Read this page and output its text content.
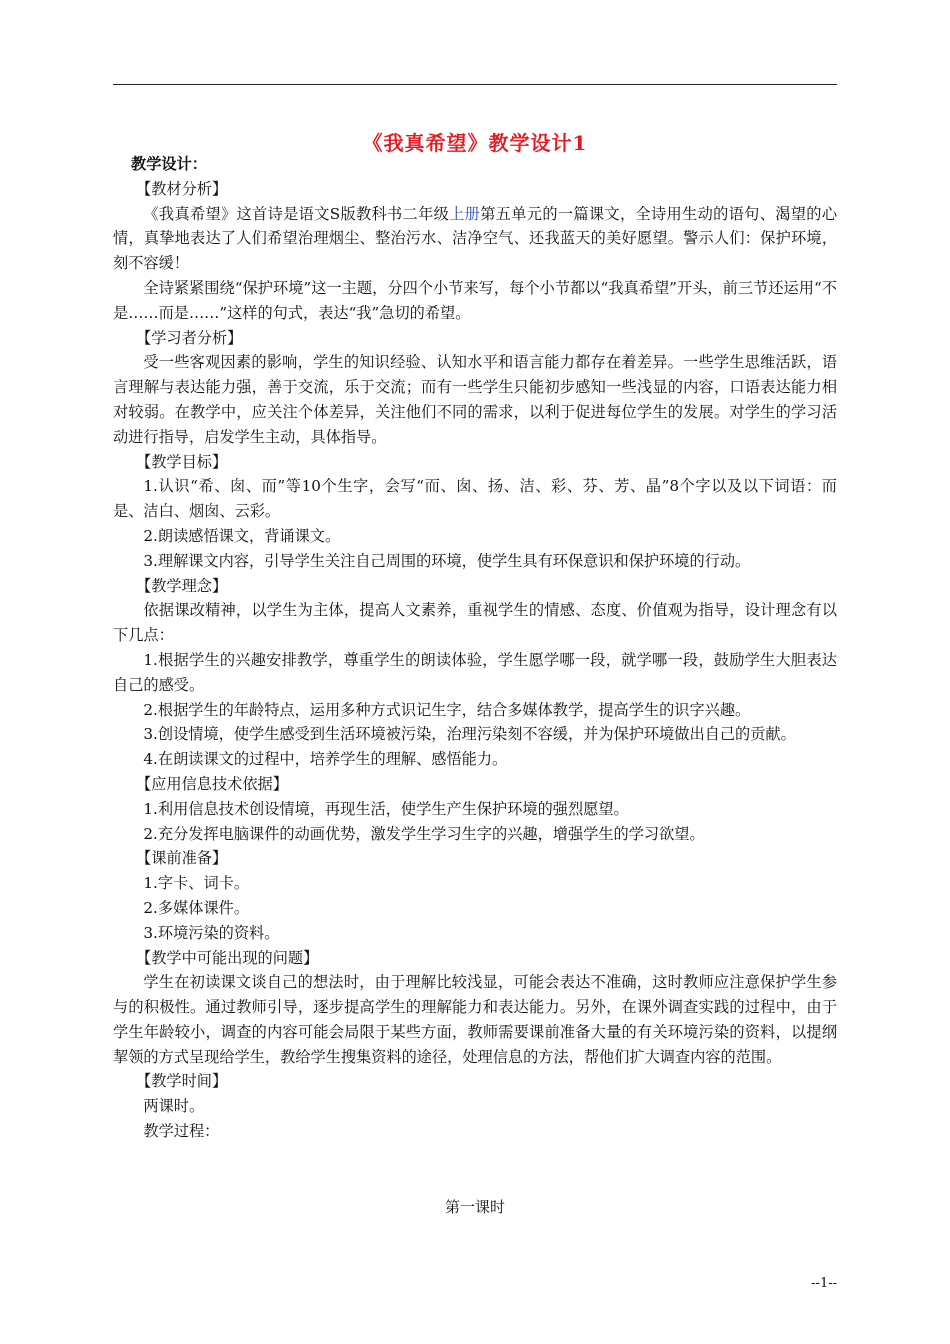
《我真希望》教学设计1

教学设计：

【教材分析】

《我真希望》这首诗是语文S版教科书二年级上册第五单元的一篇课文，全诗用生动的语句、渴望的心情，真挚地表达了人们希望治理烟尘、整治污水、洁净空气、还我蓝天的美好愿望。警示人们：保护环境，刻不容缓！

全诗紧紧围绕“保护环境”这一主题，分四个小节来写，每个小节都以“我真希望”开头，前三节还运用“不是……而是……”这样的句式，表达“我”急切的希望。

【学习者分析】

受一些客观因素的影响，学生的知识经验、认知水平和语言能力都存在着差异。一些学生思维活跃，语言理解与表达能力强，善于交流，乐于交流；而有一些学生只能初步感知一些浅显的内容，口语表达能力相对较弱。在教学中，应关注个体差异，关注他们不同的需求，以利于促进每位学生的发展。对学生的学习活动进行指导，启发学生主动，具体指导。

【教学目标】

1.认识“希、囱、而”等10个生字，会写“而、囱、扬、洁、彩、芬、芳、晶”8个字以及以下词语：而是、洁白、烟囱、云彩。

2.朗读感悟课文，背诵课文。

3.理解课文内容，引导学生关注自己周围的环境，使学生具有环保意识和保护环境的行动。

【教学理念】

依据课改精神，以学生为主体，提高人文素养，重视学生的情感、态度、价值观为指导，设计理念有以下几点：

1.根据学生的兴趣安排教学，尊重学生的朗读体验，学生愿学哪一段，就学哪一段，鼓励学生大胆表达自己的感受。

2.根据学生的年龄特点，运用多种方式识记生字，结合多媒体教学，提高学生的识字兴趣。

3.创设情境，使学生感受到生活环境被污染，治理污染刻不容缓，并为保护环境做出自己的贡献。

4.在朗读课文的过程中，培养学生的理解、感悟能力。

【应用信息技术依据】

1.利用信息技术创设情境，再现生活，使学生产生保护环境的强烈愿望。

2.充分发挥电脑课件的动画优势，激发学生学习生字的兴趣，增强学生的学习欲望。

【课前准备】

1.字卡、词卡。

2.多媒体课件。

3.环境污染的资料。

【教学中可能出现的问题】

学生在初读课文谈自己的想法时，由于理解比较浅显，可能会表达不准确，这时教师应注意保护学生参与的积极性。通过教师引导，逐步提高学生的理解能力和表达能力。另外，在课外调查实践的过程中，由于学生年龄较小，调查的内容可能会局限于某些方面，教师需要课前准备大量的有关环境污染的资料，以提纲挈领的方式呈现给学生，教给学生搜集资料的途径，处理信息的方法，帮他们扩大调查内容的范围。

【教学时间】

两课时。

教学过程：

第一课时
--1--
